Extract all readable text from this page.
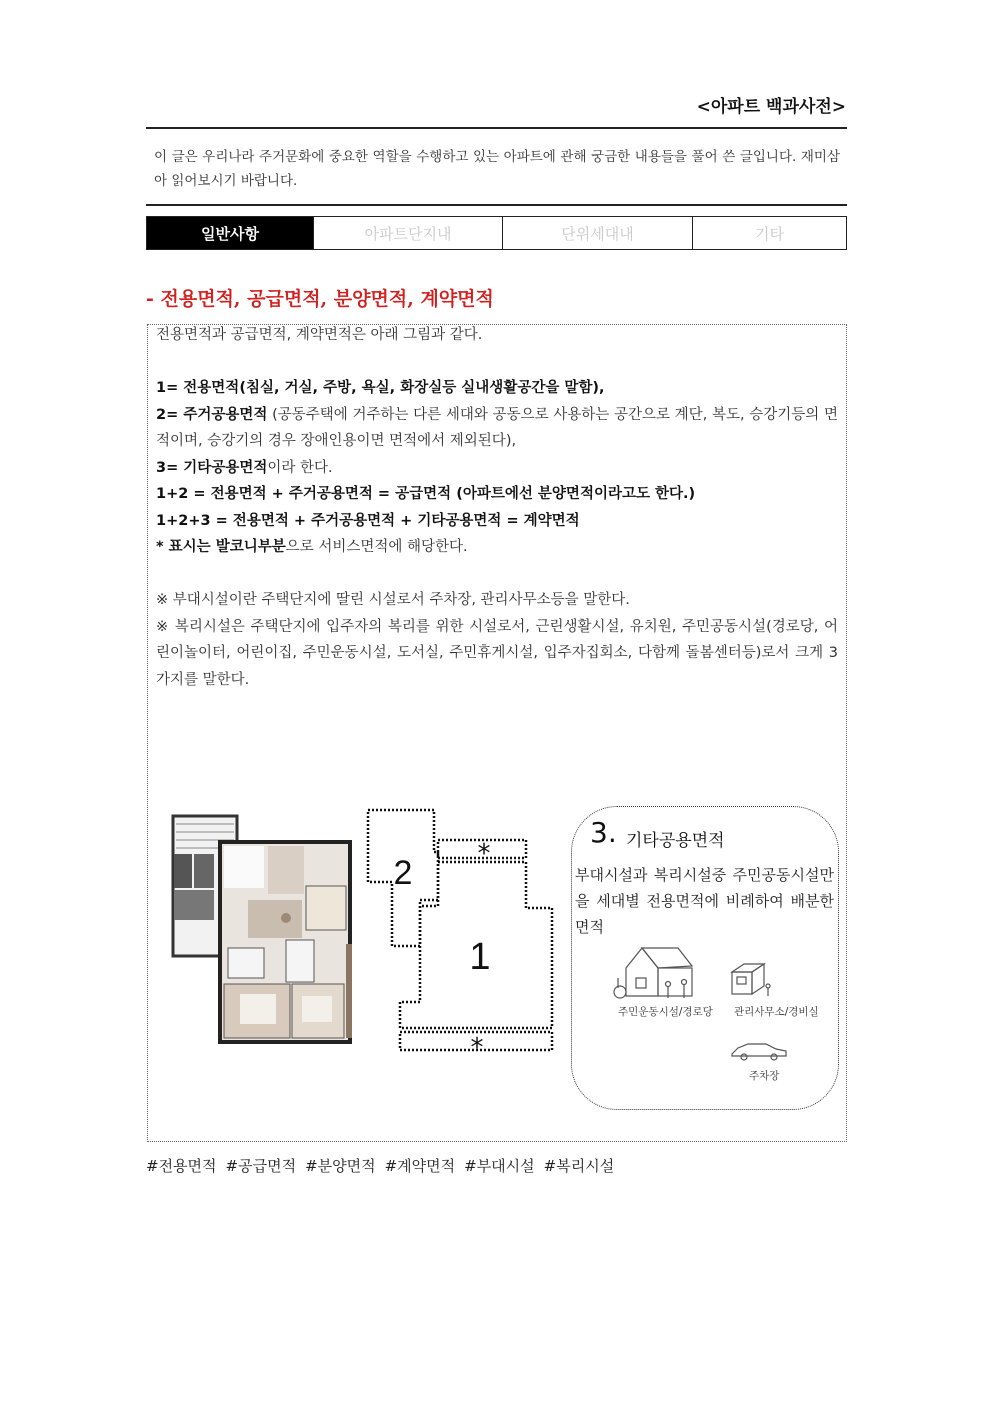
<아파트 백과사전>
이 글은 우리나라 주거문화에 중요한 역할을 수행하고 있는 아파트에 관해 궁금한 내용들을 풀어 쓴 글입니다. 재미삼아 읽어보시기 바랍니다.
일반사항	아파트단지내	단위세대내	기타
- 전용면적, 공급면적, 분양면적, 계약면적

전용면적과 공급면적, 계약면적은 아래 그림과 같다.

1= 전용면적(침실, 거실, 주방, 욕실, 화장실등 실내생활공간을 말함),

2= 주거공용면적 (공동주택에 거주하는 다른 세대와 공동으로 사용하는 공간으로 계단, 복도, 승강기등의 면적이며, 승강기의 경우 장애인용이면 면적에서 제외된다),

3= 기타공용면적이라 한다.

1+2 = 전용면적 + 주거공용면적 = 공급면적 (아파트에선 분양면적이라고도 한다.)

1+2+3 = 전용면적 + 주거공용면적 + 기타공용면적 = 계약면적

* 표시는 발코니부분으로 서비스면적에 해당한다.

※ 부대시설이란 주택단지에 딸린 시설로서 주차장, 관리사무소등을 말한다.

※ 복리시설은 주택단지에 입주자의 복리를 위한 시설로서, 근린생활시설, 유치원, 주민공동시설(경로당, 어린이놀이터, 어린이집, 주민운동시설, 도서실, 주민휴게시설, 입주자집회소, 다함께 돌봄센터등)로서 크게 3가지를 말한다.

2
1
*
*
3. 기타공용면적
부대시설과 복리시설중 주민공동시설만을 세대별 전용면적에 비례하여 배분한 면적
주민운동시설/경로당 관리사무소/경비실
주차장
#전용면적 #공급면적 #분양면적 #계약면적 #부대시설 #복리시설
